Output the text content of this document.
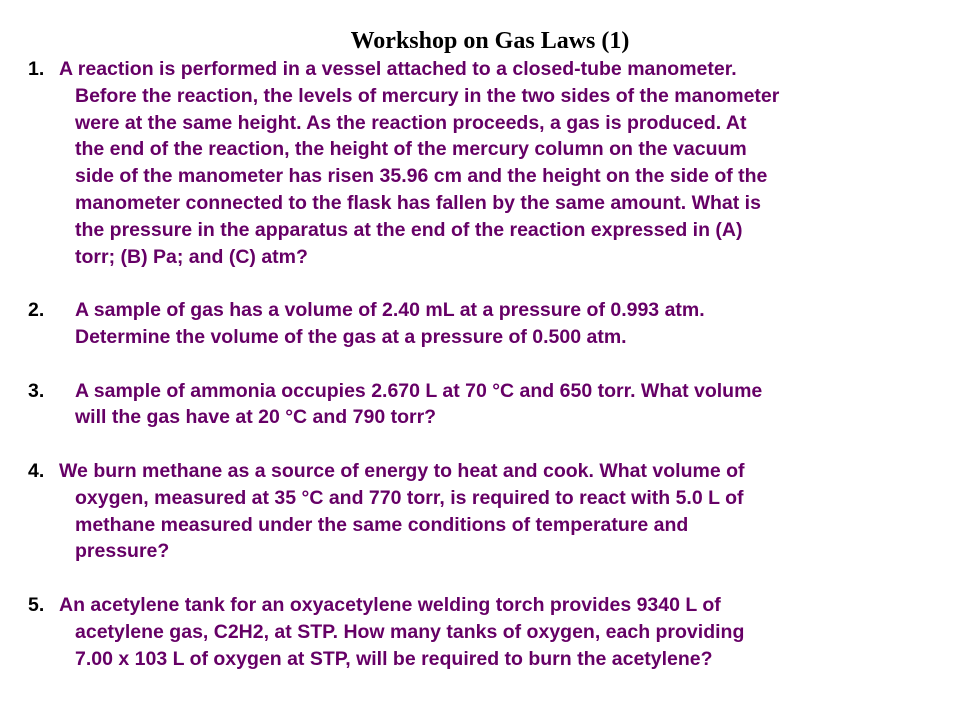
Workshop on Gas Laws (1)
1. A reaction is performed in a vessel attached to a closed-tube manometer.
Before the reaction, the levels of mercury in the two sides of the manometer
were at the same height. As the reaction proceeds, a gas is produced. At
the end of the reaction, the height of the mercury column on the vacuum
side of the manometer has risen 35.96 cm and the height on the side of the
manometer connected to the flask has fallen by the same amount. What is
the pressure in the apparatus at the end of the reaction expressed in (A)
torr; (B) Pa; and (C) atm?
2. A sample of gas has a volume of 2.40 mL at a pressure of 0.993 atm.
Determine the volume of the gas at a pressure of 0.500 atm.
3. A sample of ammonia occupies 2.670 L at 70 °C and 650 torr. What volume
will the gas have at 20 °C and 790 torr?
4. We burn methane as a source of energy to heat and cook. What volume of
oxygen, measured at 35 °C and 770 torr, is required to react with 5.0 L of
methane measured under the same conditions of temperature and
pressure?
5. An acetylene tank for an oxyacetylene welding torch provides 9340 L of
acetylene gas, C2H2, at STP. How many tanks of oxygen, each providing
7.00 x 103 L of oxygen at STP, will be required to burn the acetylene?
